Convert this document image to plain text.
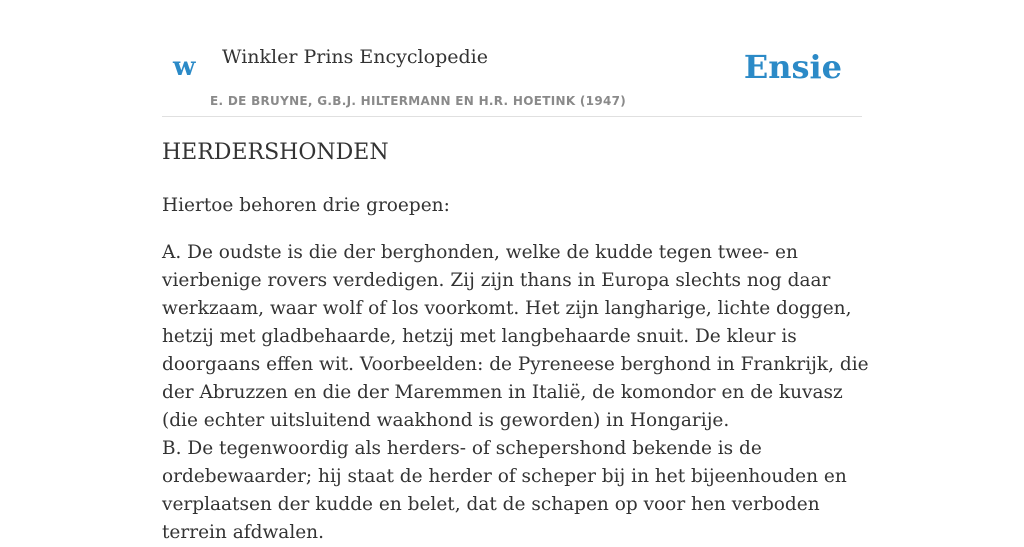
w Winkler Prins Encyclopedie
E. DE BRUYNE, G.B.J. HILTERMANN EN H.R. HOETINK (1947)
Ensie
HERDERSHONDEN

Hiertoe behoren drie groepen:

A. De oudste is die der berghonden, welke de kudde tegen twee- en vierbenige rovers verdedigen. Zij zijn thans in Europa slechts nog daar werkzaam, waar wolf of los voorkomt. Het zijn langharige, lichte doggen, hetzij met gladbehaarde, hetzij met langbehaarde snuit. De kleur is doorgaans effen wit. Voorbeelden: de Pyreneese berghond in Frankrijk, die der Abruzzen en die der Maremmen in Italië, de komondor en de kuvasz (die echter uitsluitend waakhond is geworden) in Hongarije.

B. De tegenwoordig als herders- of schepershond bekende is de ordebewaarder; hij staat de herder of scheper bij in het bijeenhouden en verplaatsen der kudde en belet, dat de schapen op voor hen verboden terrein afdwalen.
